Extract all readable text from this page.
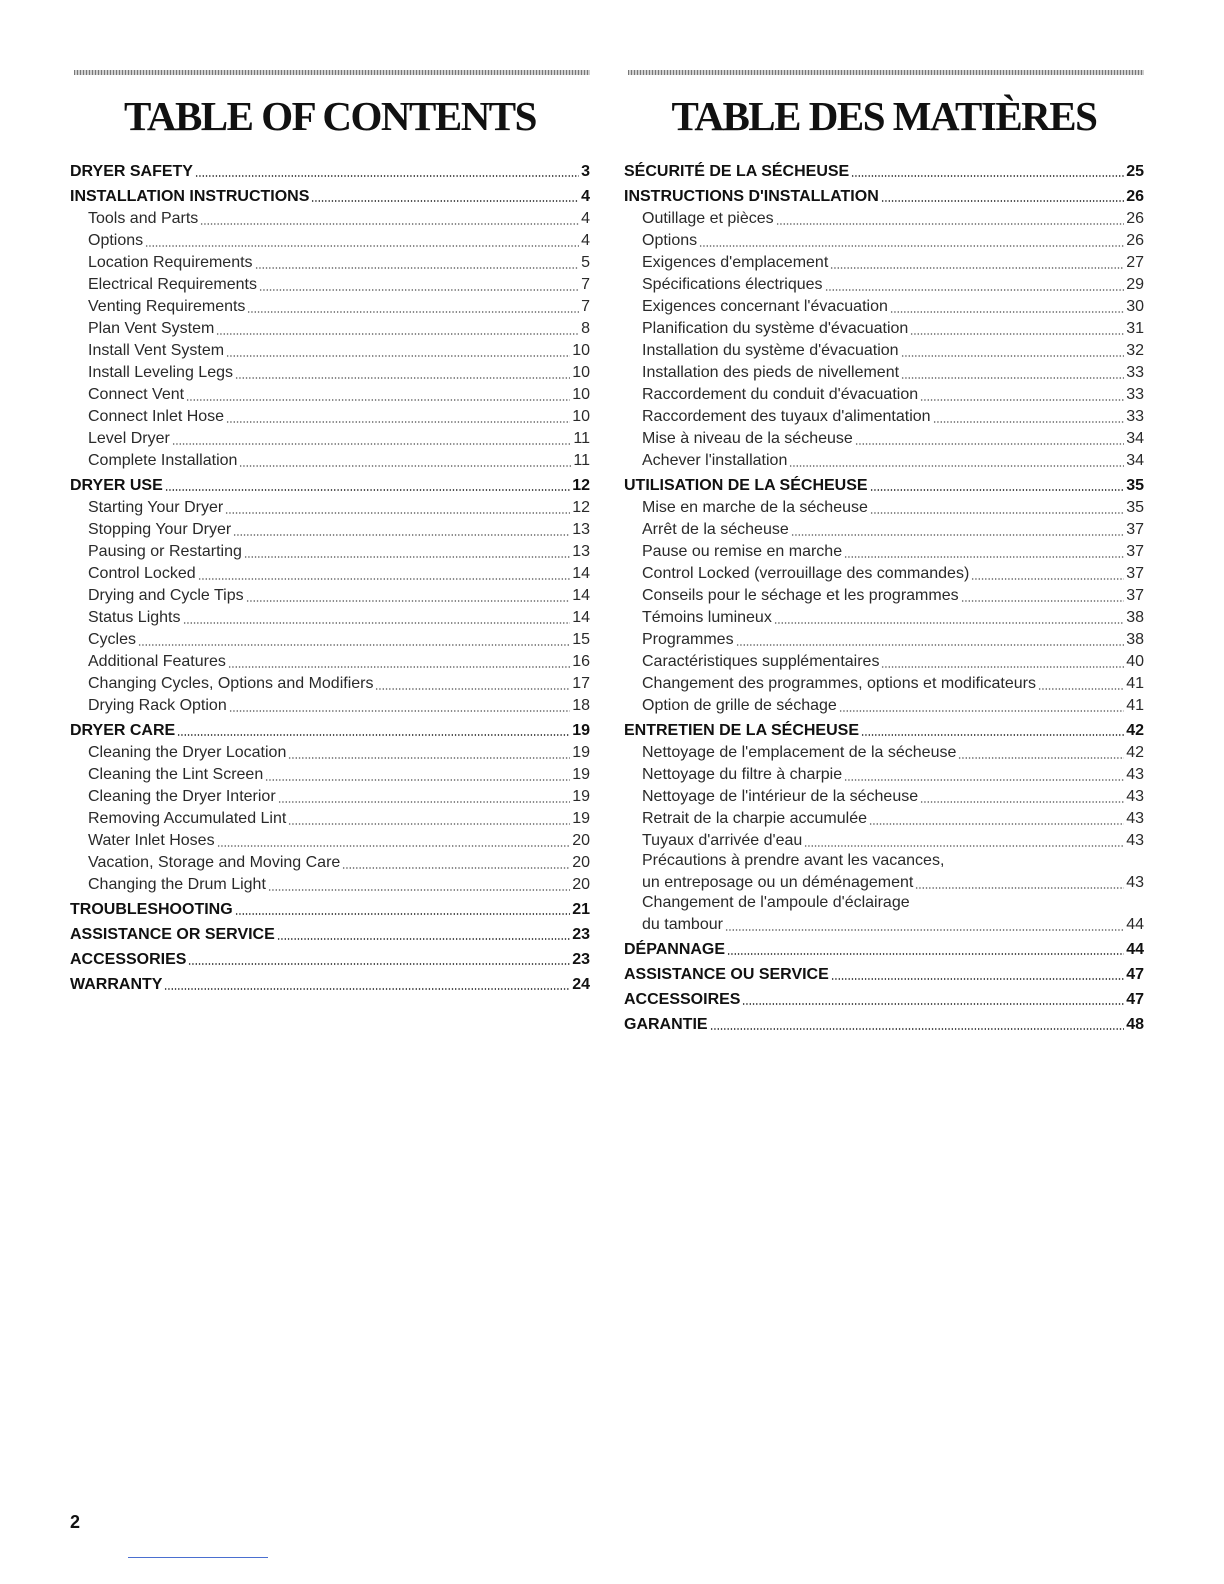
TABLE OF CONTENTS
DRYER SAFETY	3
INSTALLATION INSTRUCTIONS	4
Tools and Parts	4
Options	4
Location Requirements	5
Electrical Requirements	7
Venting Requirements	7
Plan Vent System	8
Install Vent System	10
Install Leveling Legs	10
Connect Vent	10
Connect Inlet Hose	10
Level Dryer	11
Complete Installation	11
DRYER USE	12
Starting Your Dryer	12
Stopping Your Dryer	13
Pausing or Restarting	13
Control Locked	14
Drying and Cycle Tips	14
Status Lights	14
Cycles	15
Additional Features	16
Changing Cycles, Options and Modifiers	17
Drying Rack Option	18
DRYER CARE	19
Cleaning the Dryer Location	19
Cleaning the Lint Screen	19
Cleaning the Dryer Interior	19
Removing Accumulated Lint	19
Water Inlet Hoses	20
Vacation, Storage and Moving Care	20
Changing the Drum Light	20
TROUBLESHOOTING	21
ASSISTANCE OR SERVICE	23
ACCESSORIES	23
WARRANTY	24
TABLE DES MATIÈRES
SÉCURITÉ DE LA SÉCHEUSE	25
INSTRUCTIONS D'INSTALLATION	26
Outillage et pièces	26
Options	26
Exigences d'emplacement	27
Spécifications électriques	29
Exigences concernant l'évacuation	30
Planification du système d'évacuation	31
Installation du système d'évacuation	32
Installation des pieds de nivellement	33
Raccordement du conduit d'évacuation	33
Raccordement des tuyaux d'alimentation	33
Mise à niveau de la sécheuse	34
Achever l'installation	34
UTILISATION DE LA SÉCHEUSE	35
Mise en marche de la sécheuse	35
Arrêt de la sécheuse	37
Pause ou remise en marche	37
Control Locked (verrouillage des commandes)	37
Conseils pour le séchage et les programmes	37
Témoins lumineux	38
Programmes	38
Caractéristiques supplémentaires	40
Changement des programmes, options et modificateurs	41
Option de grille de séchage	41
ENTRETIEN DE LA SÉCHEUSE	42
Nettoyage de l'emplacement de la sécheuse	42
Nettoyage du filtre à charpie	43
Nettoyage de l'intérieur de la sécheuse	43
Retrait de la charpie accumulée	43
Tuyaux d'arrivée d'eau	43
Précautions à prendre avant les vacances,
un entreposage ou un déménagement	43
Changement de l'ampoule d'éclairage
du tambour	44
DÉPANNAGE	44
ASSISTANCE OU SERVICE	47
ACCESSOIRES	47
GARANTIE	48
2
